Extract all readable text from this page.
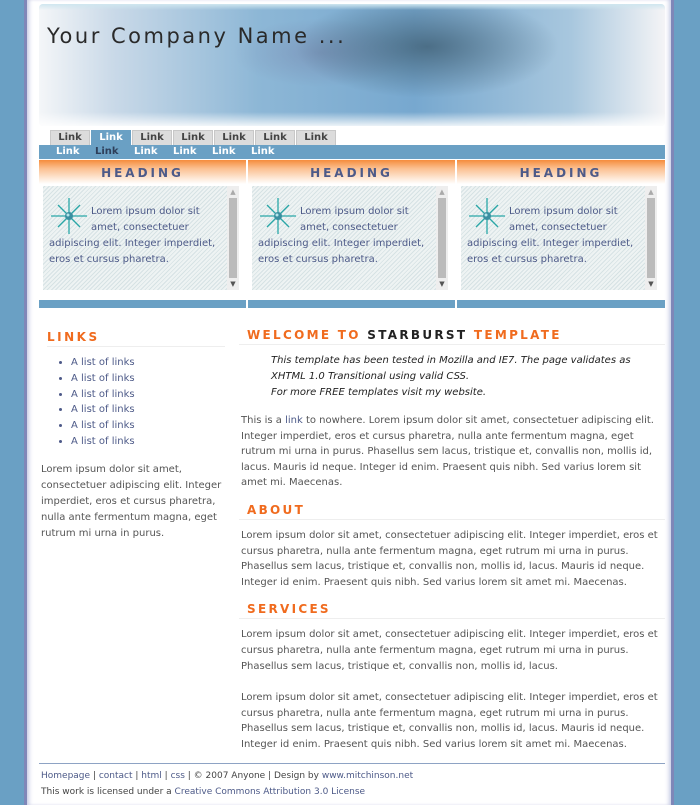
Your Company Name ...
Link	Link	Link	Link	Link	Link	Link
Link	Link	Link	Link	Link	Link
HEADING

Lorem ipsum dolor sit amet, consectetuer adipiscing elit. Integer imperdiet, eros et cursus pharetra.

▲
▼
HEADING

Lorem ipsum dolor sit amet, consectetuer adipiscing elit. Integer imperdiet, eros et cursus pharetra.

▲
▼
HEADING

Lorem ipsum dolor sit amet, consectetuer adipiscing elit. Integer imperdiet, eros et cursus pharetra.

▲
▼
LINKS
• A list of links
• A list of links
• A list of links
• A list of links
• A list of links
• A list of links
Lorem ipsum dolor sit amet, consectetuer adipiscing elit. Integer imperdiet, eros et cursus pharetra, nulla ante fermentum magna, eget rutrum mi urna in purus.
WELCOME TO STARBURST TEMPLATE
This template has been tested in Mozilla and IE7. The page validates as XHTML 1.0 Transitional using valid CSS.
For more FREE templates visit my website.

This is a link to nowhere. Lorem ipsum dolor sit amet, consectetuer adipiscing elit. Integer imperdiet, eros et cursus pharetra, nulla ante fermentum magna, eget rutrum mi urna in purus. Phasellus sem lacus, tristique et, convallis non, mollis id, lacus. Mauris id neque. Integer id enim. Praesent quis nibh. Sed varius lorem sit amet mi. Maecenas.

ABOUT

Lorem ipsum dolor sit amet, consectetuer adipiscing elit. Integer imperdiet, eros et cursus pharetra, nulla ante fermentum magna, eget rutrum mi urna in purus. Phasellus sem lacus, tristique et, convallis non, mollis id, lacus. Mauris id neque. Integer id enim. Praesent quis nibh. Sed varius lorem sit amet mi. Maecenas.

SERVICES

Lorem ipsum dolor sit amet, consectetuer adipiscing elit. Integer imperdiet, eros et cursus pharetra, nulla ante fermentum magna, eget rutrum mi urna in purus. Phasellus sem lacus, tristique et, convallis non, mollis id, lacus.

Lorem ipsum dolor sit amet, consectetuer adipiscing elit. Integer imperdiet, eros et cursus pharetra, nulla ante fermentum magna, eget rutrum mi urna in purus. Phasellus sem lacus, tristique et, convallis non, mollis id, lacus. Mauris id neque. Integer id enim. Praesent quis nibh. Sed varius lorem sit amet mi. Maecenas.

Homepage | contact | html | css | © 2007 Anyone | Design by www.mitchinson.net
This work is licensed under a Creative Commons Attribution 3.0 License
